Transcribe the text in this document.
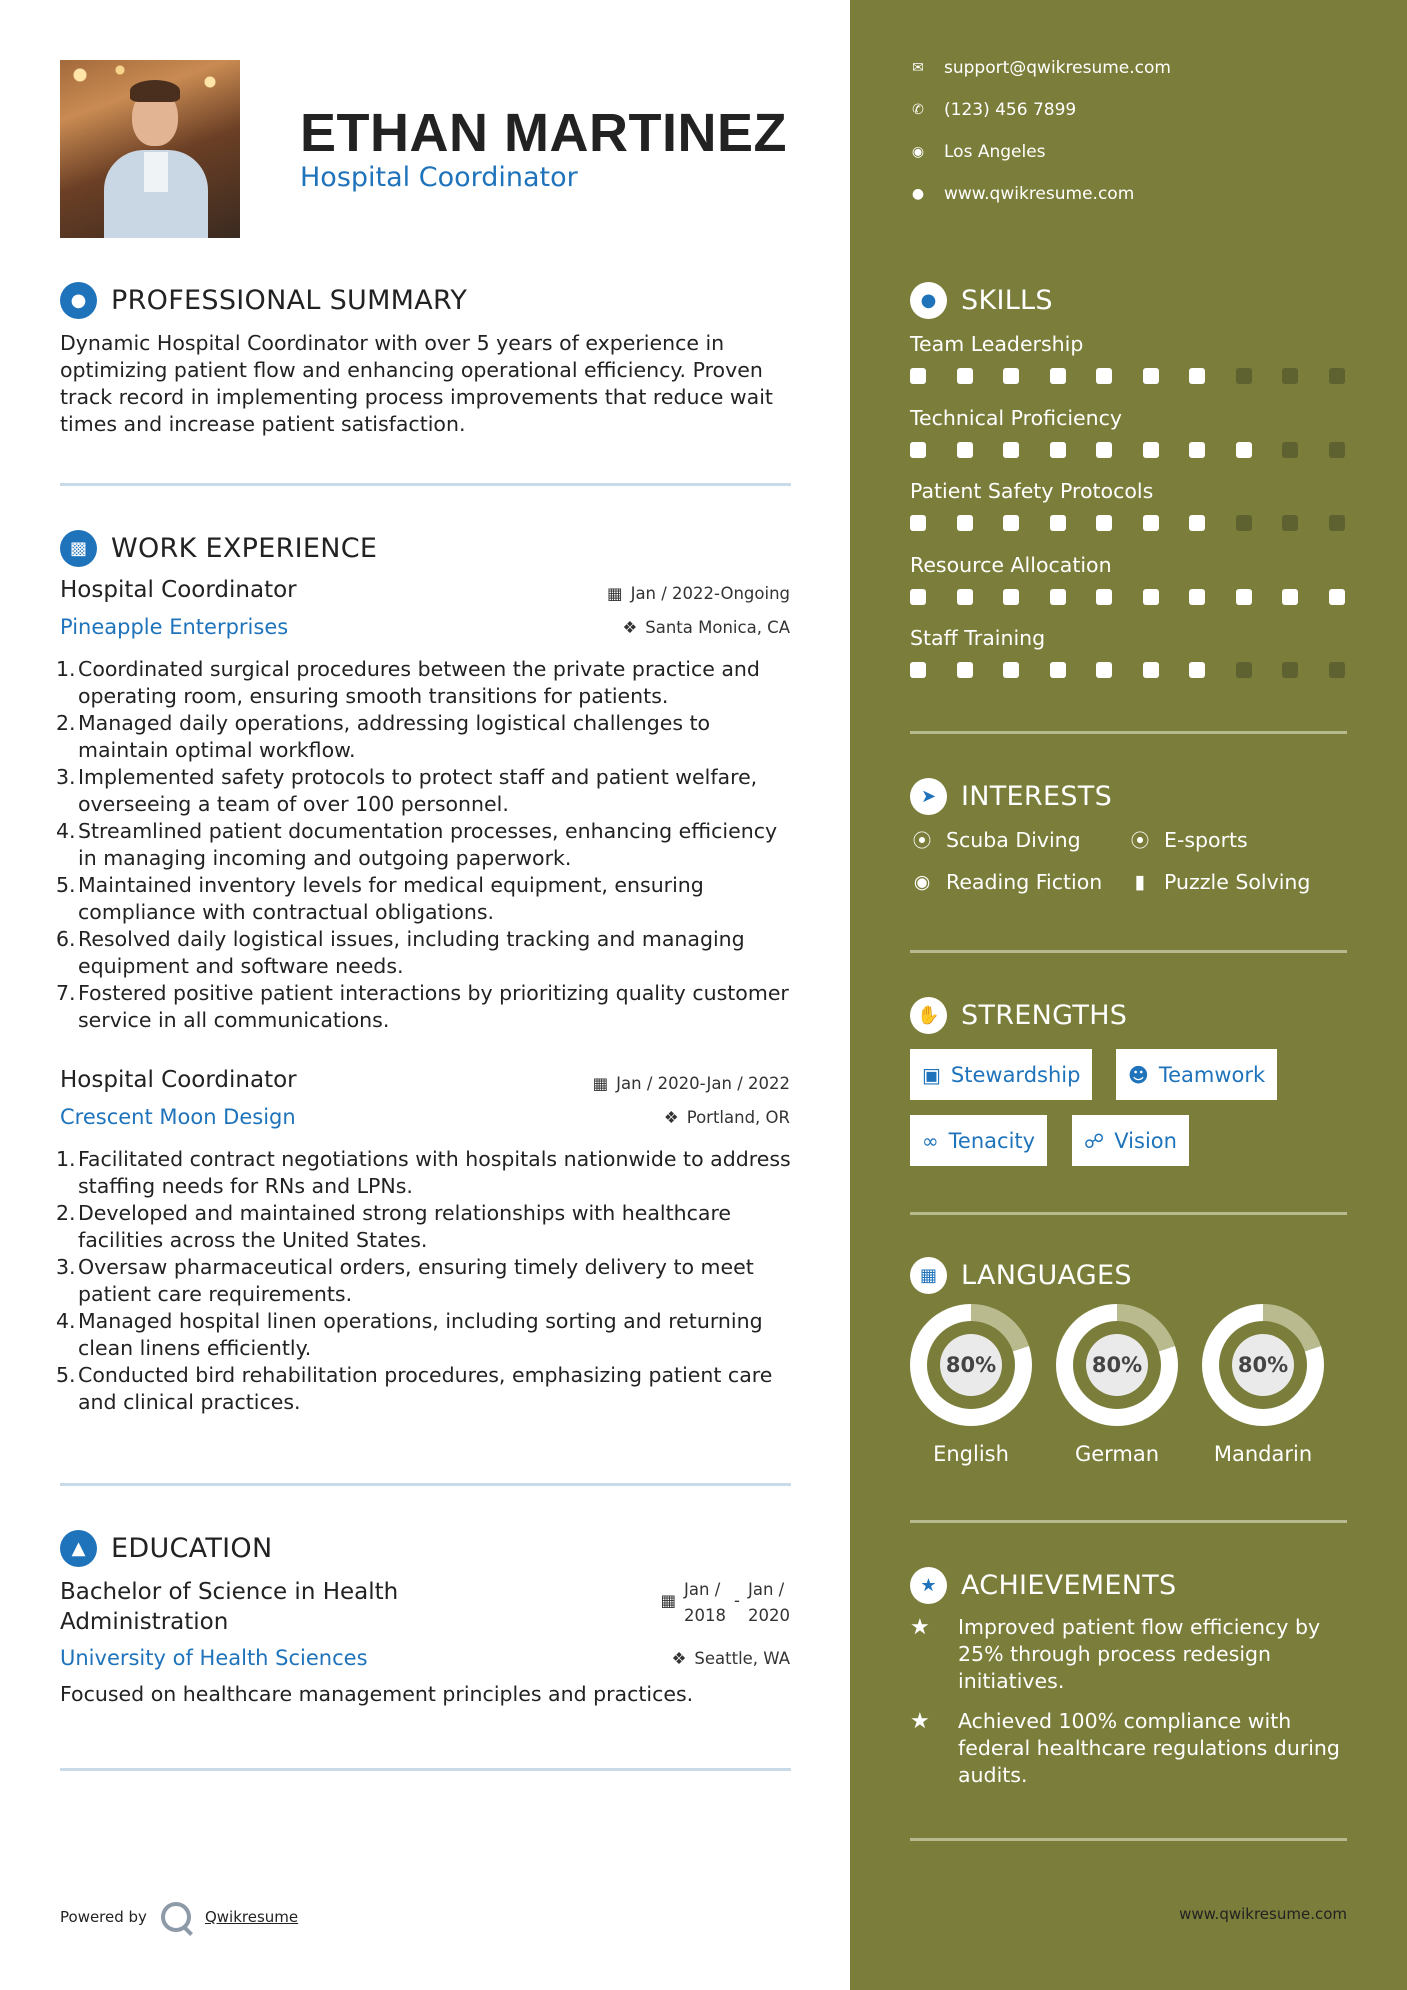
ETHAN MARTINEZ
Hospital Coordinator
● PROFESSIONAL SUMMARY
Dynamic Hospital Coordinator with over 5 years of experience in optimizing patient flow and enhancing operational efficiency. Proven track record in implementing process improvements that reduce wait times and increase patient satisfaction.
▩ WORK EXPERIENCE
Hospital Coordinator	▦ Jan / 2022-Ongoing
Pineapple Enterprises	❖ Santa Monica, CA
1. Coordinated surgical procedures between the private practice and operating room, ensuring smooth transitions for patients.
2. Managed daily operations, addressing logistical challenges to maintain optimal workflow.
3. Implemented safety protocols to protect staff and patient welfare, overseeing a team of over 100 personnel.
4. Streamlined patient documentation processes, enhancing efficiency in managing incoming and outgoing paperwork.
5. Maintained inventory levels for medical equipment, ensuring compliance with contractual obligations.
6. Resolved daily logistical issues, including tracking and managing equipment and software needs.
7. Fostered positive patient interactions by prioritizing quality customer service in all communications.
Hospital Coordinator	▦ Jan / 2020-Jan / 2022
Crescent Moon Design	❖ Portland, OR
1. Facilitated contract negotiations with hospitals nationwide to address staffing needs for RNs and LPNs.
2. Developed and maintained strong relationships with healthcare facilities across the United States.
3. Oversaw pharmaceutical orders, ensuring timely delivery to meet patient care requirements.
4. Managed hospital linen operations, including sorting and returning clean linens efficiently.
5. Conducted bird rehabilitation procedures, emphasizing patient care and clinical practices.
▲ EDUCATION
Bachelor of Science in Health Administration
▦
Jan /
2018
-
Jan /
2020
University of Health Sciences	❖ Seattle, WA
Focused on healthcare management principles and practices.
Powered by	Qwikresume
✉ support@qwikresume.com
✆ (123) 456 7899
◉ Los Angeles
● www.qwikresume.com
● SKILLS
Team Leadership
Technical Proficiency
Patient Safety Protocols
Resource Allocation
Staff Training
➤ INTERESTS
⦿ Scuba Diving	⦿ E-sports
◉ Reading Fiction	▮ Puzzle Solving
✋ STRENGTHS
▣ Stewardship ☻ Teamwork
∞ Tenacity ☍ Vision
▦ LANGUAGES
80%
English
80%
German
80%
Mandarin
★ ACHIEVEMENTS
★	Improved patient flow efficiency by 25% through process redesign initiatives.
★	Achieved 100% compliance with federal healthcare regulations during audits.
www.qwikresume.com
